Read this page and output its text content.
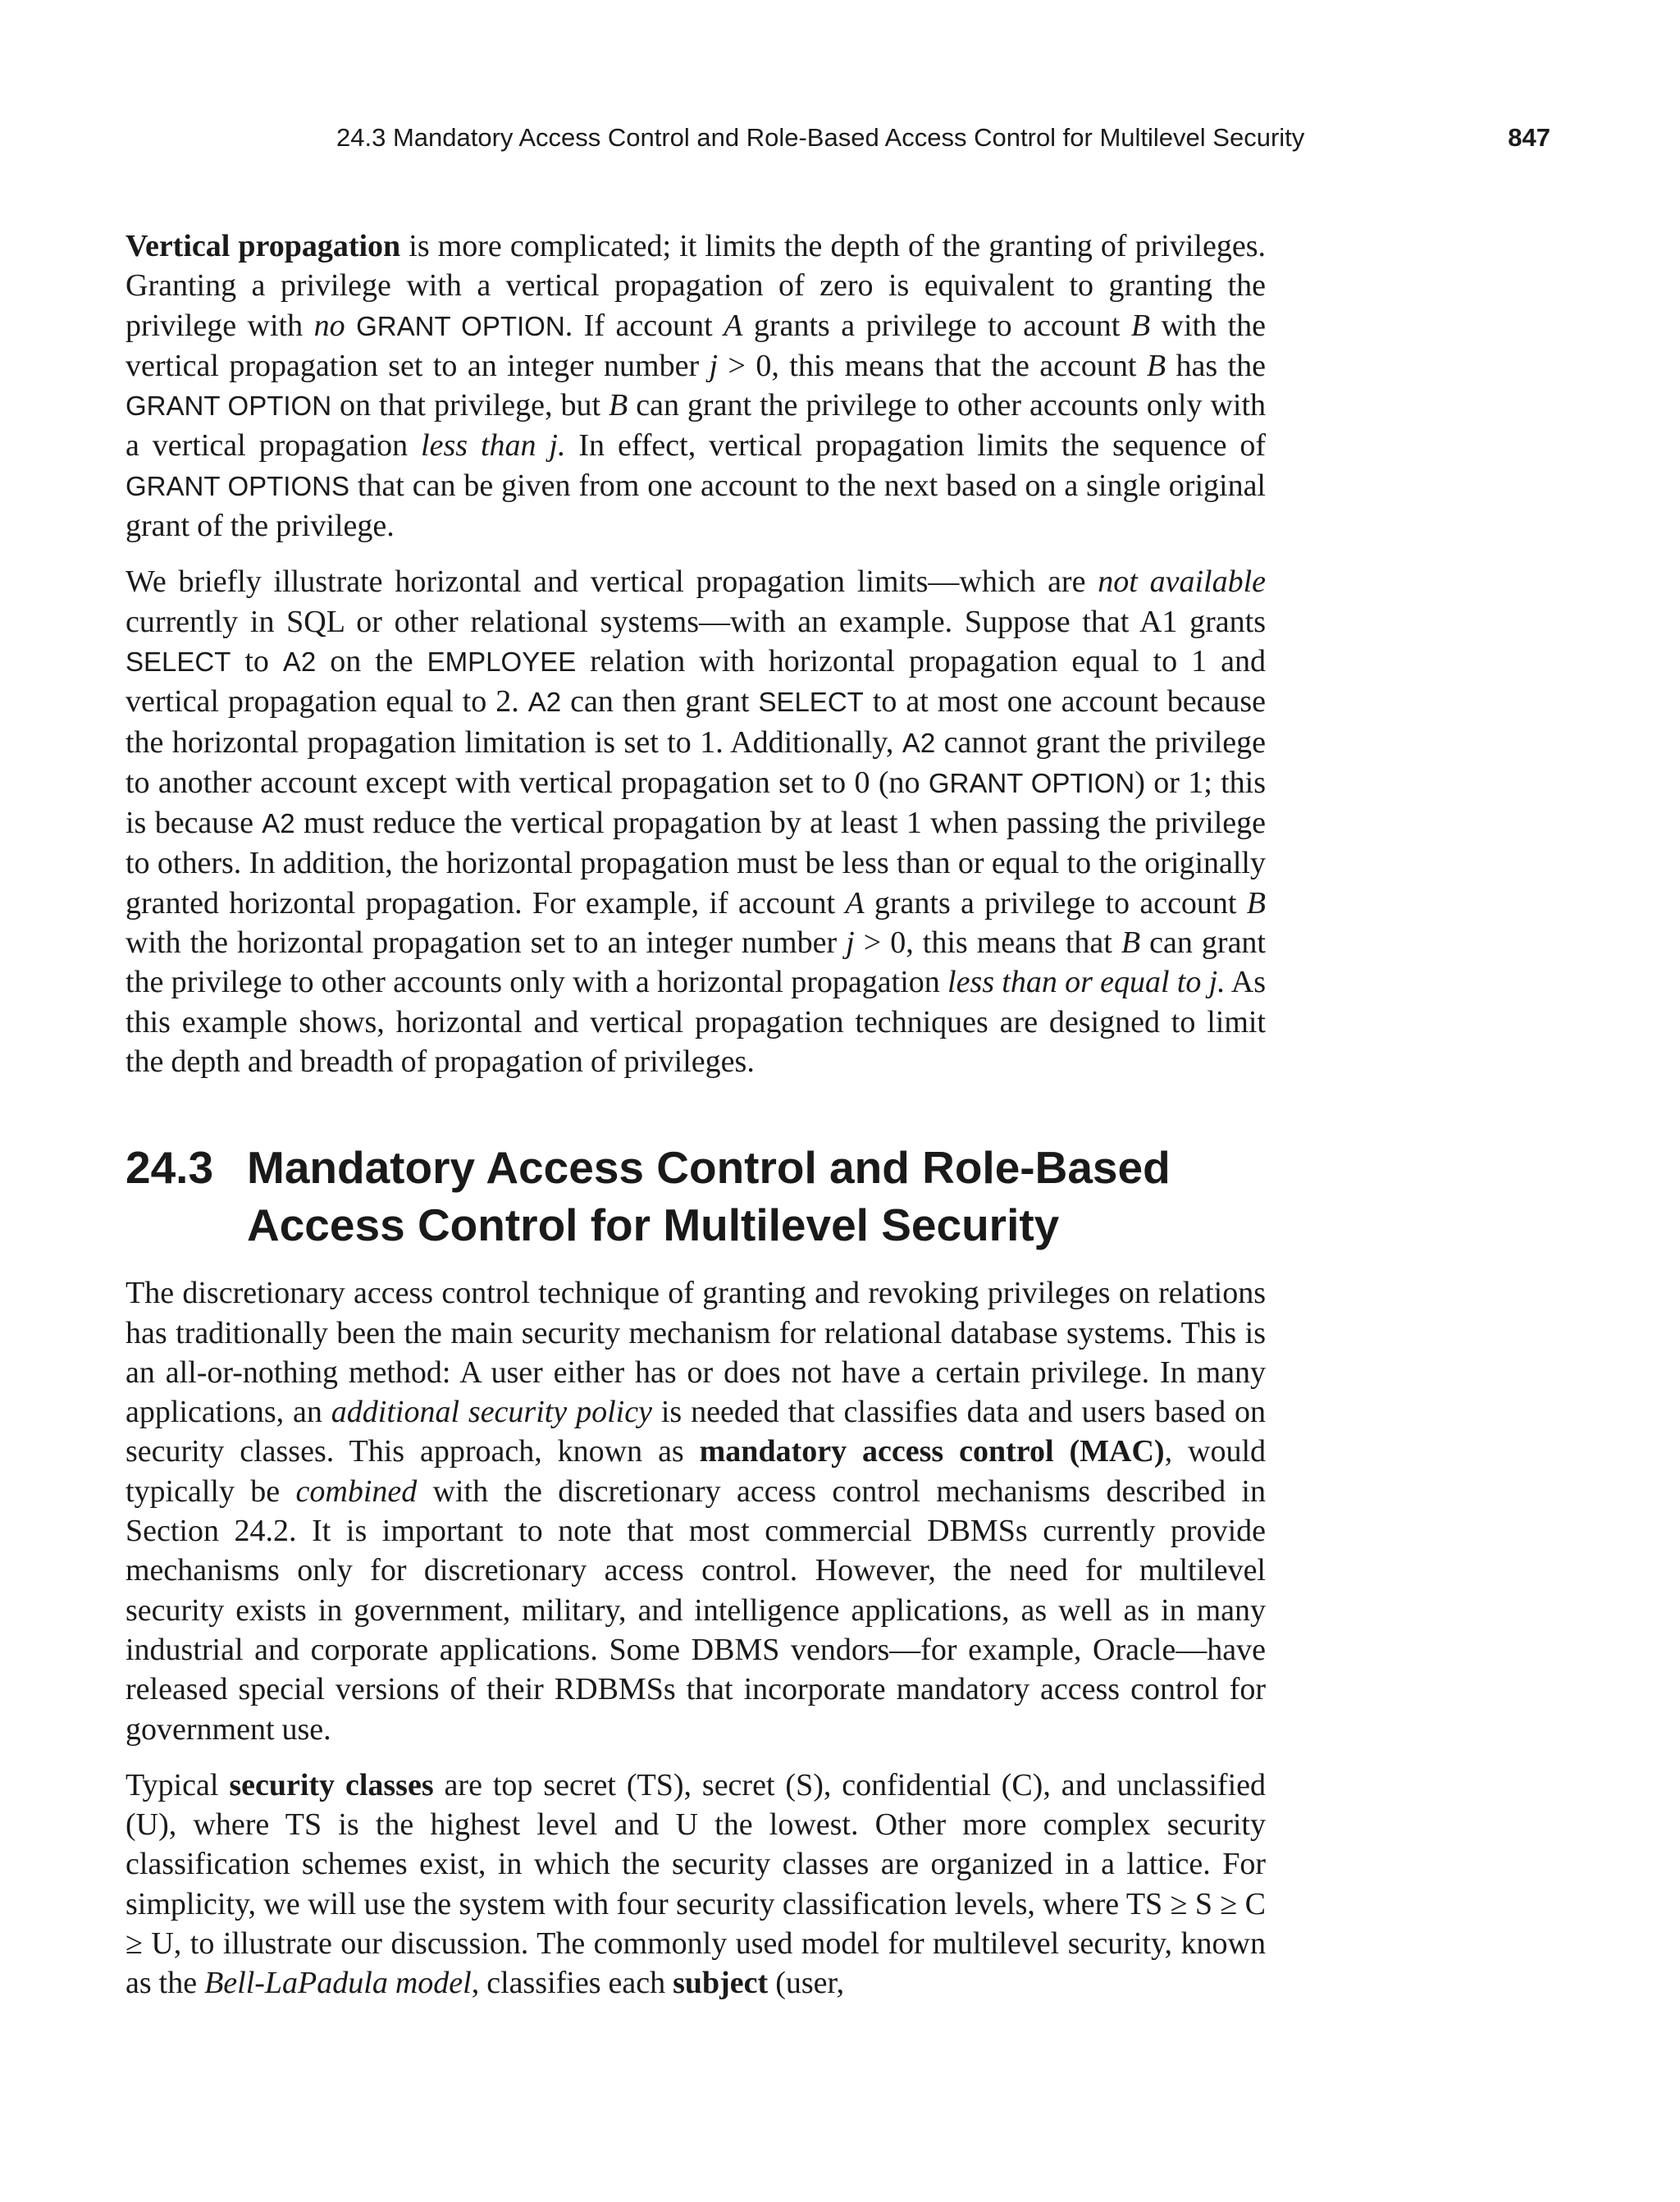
24.3 Mandatory Access Control and Role-Based Access Control for Multilevel Security	847

Vertical propagation is more complicated; it limits the depth of the granting of privileges. Granting a privilege with a vertical propagation of zero is equivalent to granting the privilege with no GRANT OPTION. If account A grants a privilege to account B with the vertical propagation set to an integer number j > 0, this means that the account B has the GRANT OPTION on that privilege, but B can grant the privilege to other accounts only with a vertical propagation less than j. In effect, vertical propagation limits the sequence of GRANT OPTIONS that can be given from one account to the next based on a single original grant of the privilege.

We briefly illustrate horizontal and vertical propagation limits—which are not available currently in SQL or other relational systems—with an example. Suppose that A1 grants SELECT to A2 on the EMPLOYEE relation with horizontal propagation equal to 1 and vertical propagation equal to 2. A2 can then grant SELECT to at most one account because the horizontal propagation limitation is set to 1. Additionally, A2 cannot grant the privilege to another account except with vertical propagation set to 0 (no GRANT OPTION) or 1; this is because A2 must reduce the vertical propagation by at least 1 when passing the privilege to others. In addition, the horizontal propagation must be less than or equal to the originally granted horizontal propagation. For example, if account A grants a privilege to account B with the horizontal propagation set to an integer number j > 0, this means that B can grant the privilege to other accounts only with a horizontal propagation less than or equal to j. As this example shows, horizontal and vertical propagation techniques are designed to limit the depth and breadth of propagation of privileges.

24.3 Mandatory Access Control and Role-Based Access Control for Multilevel Security

The discretionary access control technique of granting and revoking privileges on relations has traditionally been the main security mechanism for relational database systems. This is an all-or-nothing method: A user either has or does not have a certain privilege. In many applications, an additional security policy is needed that classifies data and users based on security classes. This approach, known as mandatory access control (MAC), would typically be combined with the discretionary access control mechanisms described in Section 24.2. It is important to note that most commercial DBMSs currently provide mechanisms only for discretionary access control. However, the need for multilevel security exists in government, military, and intelligence applications, as well as in many industrial and corporate applications. Some DBMS vendors—for example, Oracle—have released special versions of their RDBMSs that incorporate mandatory access control for government use.

Typical security classes are top secret (TS), secret (S), confidential (C), and unclassified (U), where TS is the highest level and U the lowest. Other more complex security classification schemes exist, in which the security classes are organized in a lattice. For simplicity, we will use the system with four security classification levels, where TS ≥ S ≥ C ≥ U, to illustrate our discussion. The commonly used model for multilevel security, known as the Bell-LaPadula model, classifies each subject (user,
